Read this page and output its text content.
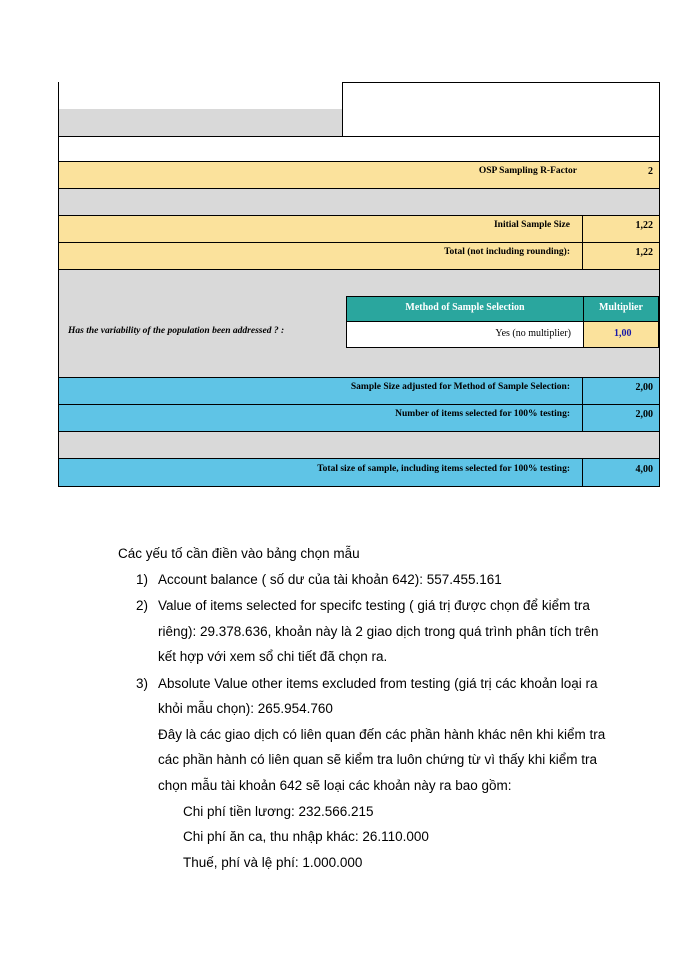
OSP Sampling R-Factor	2
Initial Sample Size	1,22
Total (not including rounding):	1,22
Method of Sample Selection	Multiplier
Yes (no multiplier)	1,00
Has the variability of the population been addressed ? :
Sample Size adjusted for Method of Sample Selection:	2,00
Number of items selected for 100% testing:	2,00
Total size of sample, including items selected for 100% testing:	4,00
Các yếu tố cần điền vào bảng chọn mẫu
1) Account balance ( số dư của tài khoản 642): 557.455.161
2) Value of items selected for specifc testing ( giá trị được chọn để kiểm tra
riêng): 29.378.636, khoản này là 2 giao dịch trong quá trình phân tích trên
kết hợp với xem sổ chi tiết đã chọn ra.
3) Absolute Value other items excluded from testing (giá trị các khoản loại ra
khỏi mẫu chọn): 265.954.760
Đây là các giao dịch có liên quan đến các phần hành khác nên khi kiểm tra
các phần hành có liên quan sẽ kiểm tra luôn chứng từ vì thấy khi kiểm tra
chọn mẫu tài khoản 642 sẽ loại các khoản này ra bao gồm:
Chi phí tiền lương: 232.566.215
Chi phí ăn ca, thu nhập khác: 26.110.000
Thuế, phí và lệ phí: 1.000.000
